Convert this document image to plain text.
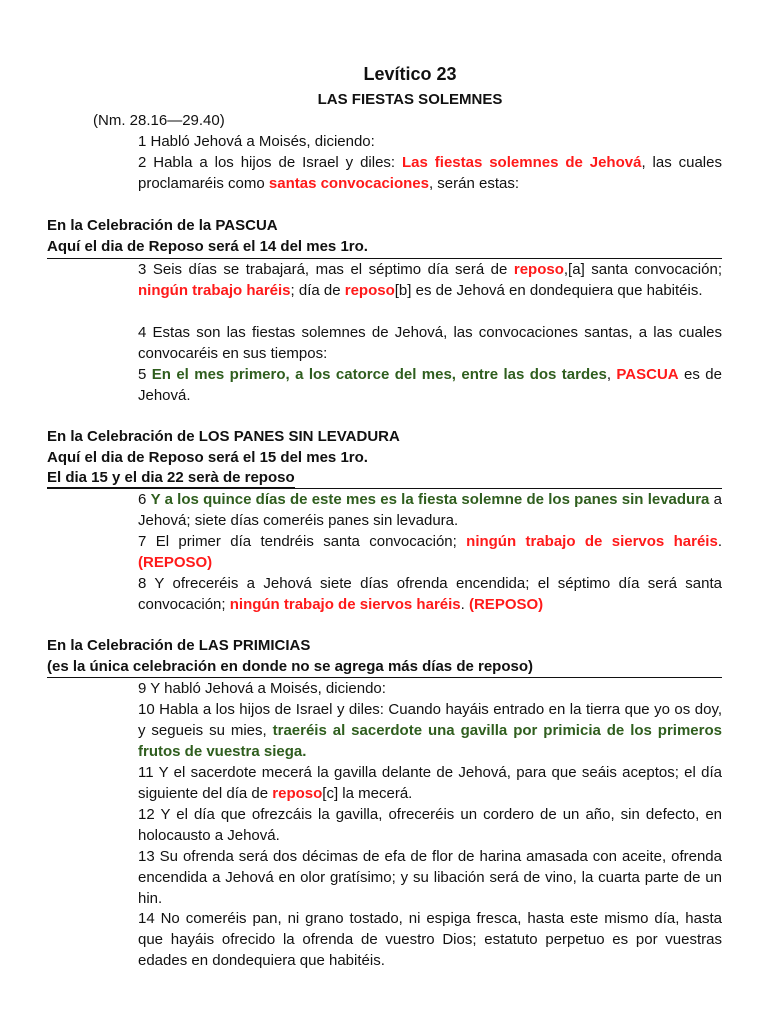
Levítico 23
LAS FIESTAS SOLEMNES
(Nm. 28.16—29.40)
1 Habló Jehová a Moisés, diciendo:
2 Habla a los hijos de Israel y diles: Las fiestas solemnes de Jehová, las cuales proclamaréis como santas convocaciones, serán estas:
En la Celebración de la PASCUA
Aquí el dia de Reposo será el 14 del mes 1ro.
3 Seis días se trabajará, mas el séptimo día será de reposo,[a] santa convocación; ningún trabajo haréis; día de reposo[b] es de Jehová en dondequiera que habitéis.
4 Estas son las fiestas solemnes de Jehová, las convocaciones santas, a las cuales convocaréis en sus tiempos:
5 En el mes primero, a los catorce del mes, entre las dos tardes, PASCUA es de Jehová.
En la Celebración de LOS PANES SIN LEVADURA
Aquí el dia de Reposo será el 15 del mes 1ro.
El dia 15 y el dia 22 serà de reposo
6 Y a los quince días de este mes es la fiesta solemne de los panes sin levadura a Jehová; siete días comeréis panes sin levadura.
7 El primer día tendréis santa convocación; ningún trabajo de siervos haréis. (REPOSO)
8 Y ofreceréis a Jehová siete días ofrenda encendida; el séptimo día será santa convocación; ningún trabajo de siervos haréis. (REPOSO)
En la Celebración de LAS PRIMICIAS
(es la única celebración en donde no se agrega más días de reposo)
9 Y habló Jehová a Moisés, diciendo:
10 Habla a los hijos de Israel y diles: Cuando hayáis entrado en la tierra que yo os doy, y segueis su mies, traeréis al sacerdote una gavilla por primicia de los primeros frutos de vuestra siega.
11 Y el sacerdote mecerá la gavilla delante de Jehová, para que seáis aceptos; el día siguiente del día de reposo[c] la mecerá.
12 Y el día que ofrezcáis la gavilla, ofreceréis un cordero de un año, sin defecto, en holocausto a Jehová.
13 Su ofrenda será dos décimas de efa de flor de harina amasada con aceite, ofrenda encendida a Jehová en olor gratísimo; y su libación será de vino, la cuarta parte de un hin.
14 No comeréis pan, ni grano tostado, ni espiga fresca, hasta este mismo día, hasta que hayáis ofrecido la ofrenda de vuestro Dios; estatuto perpetuo es por vuestras edades en dondequiera que habitéis.
